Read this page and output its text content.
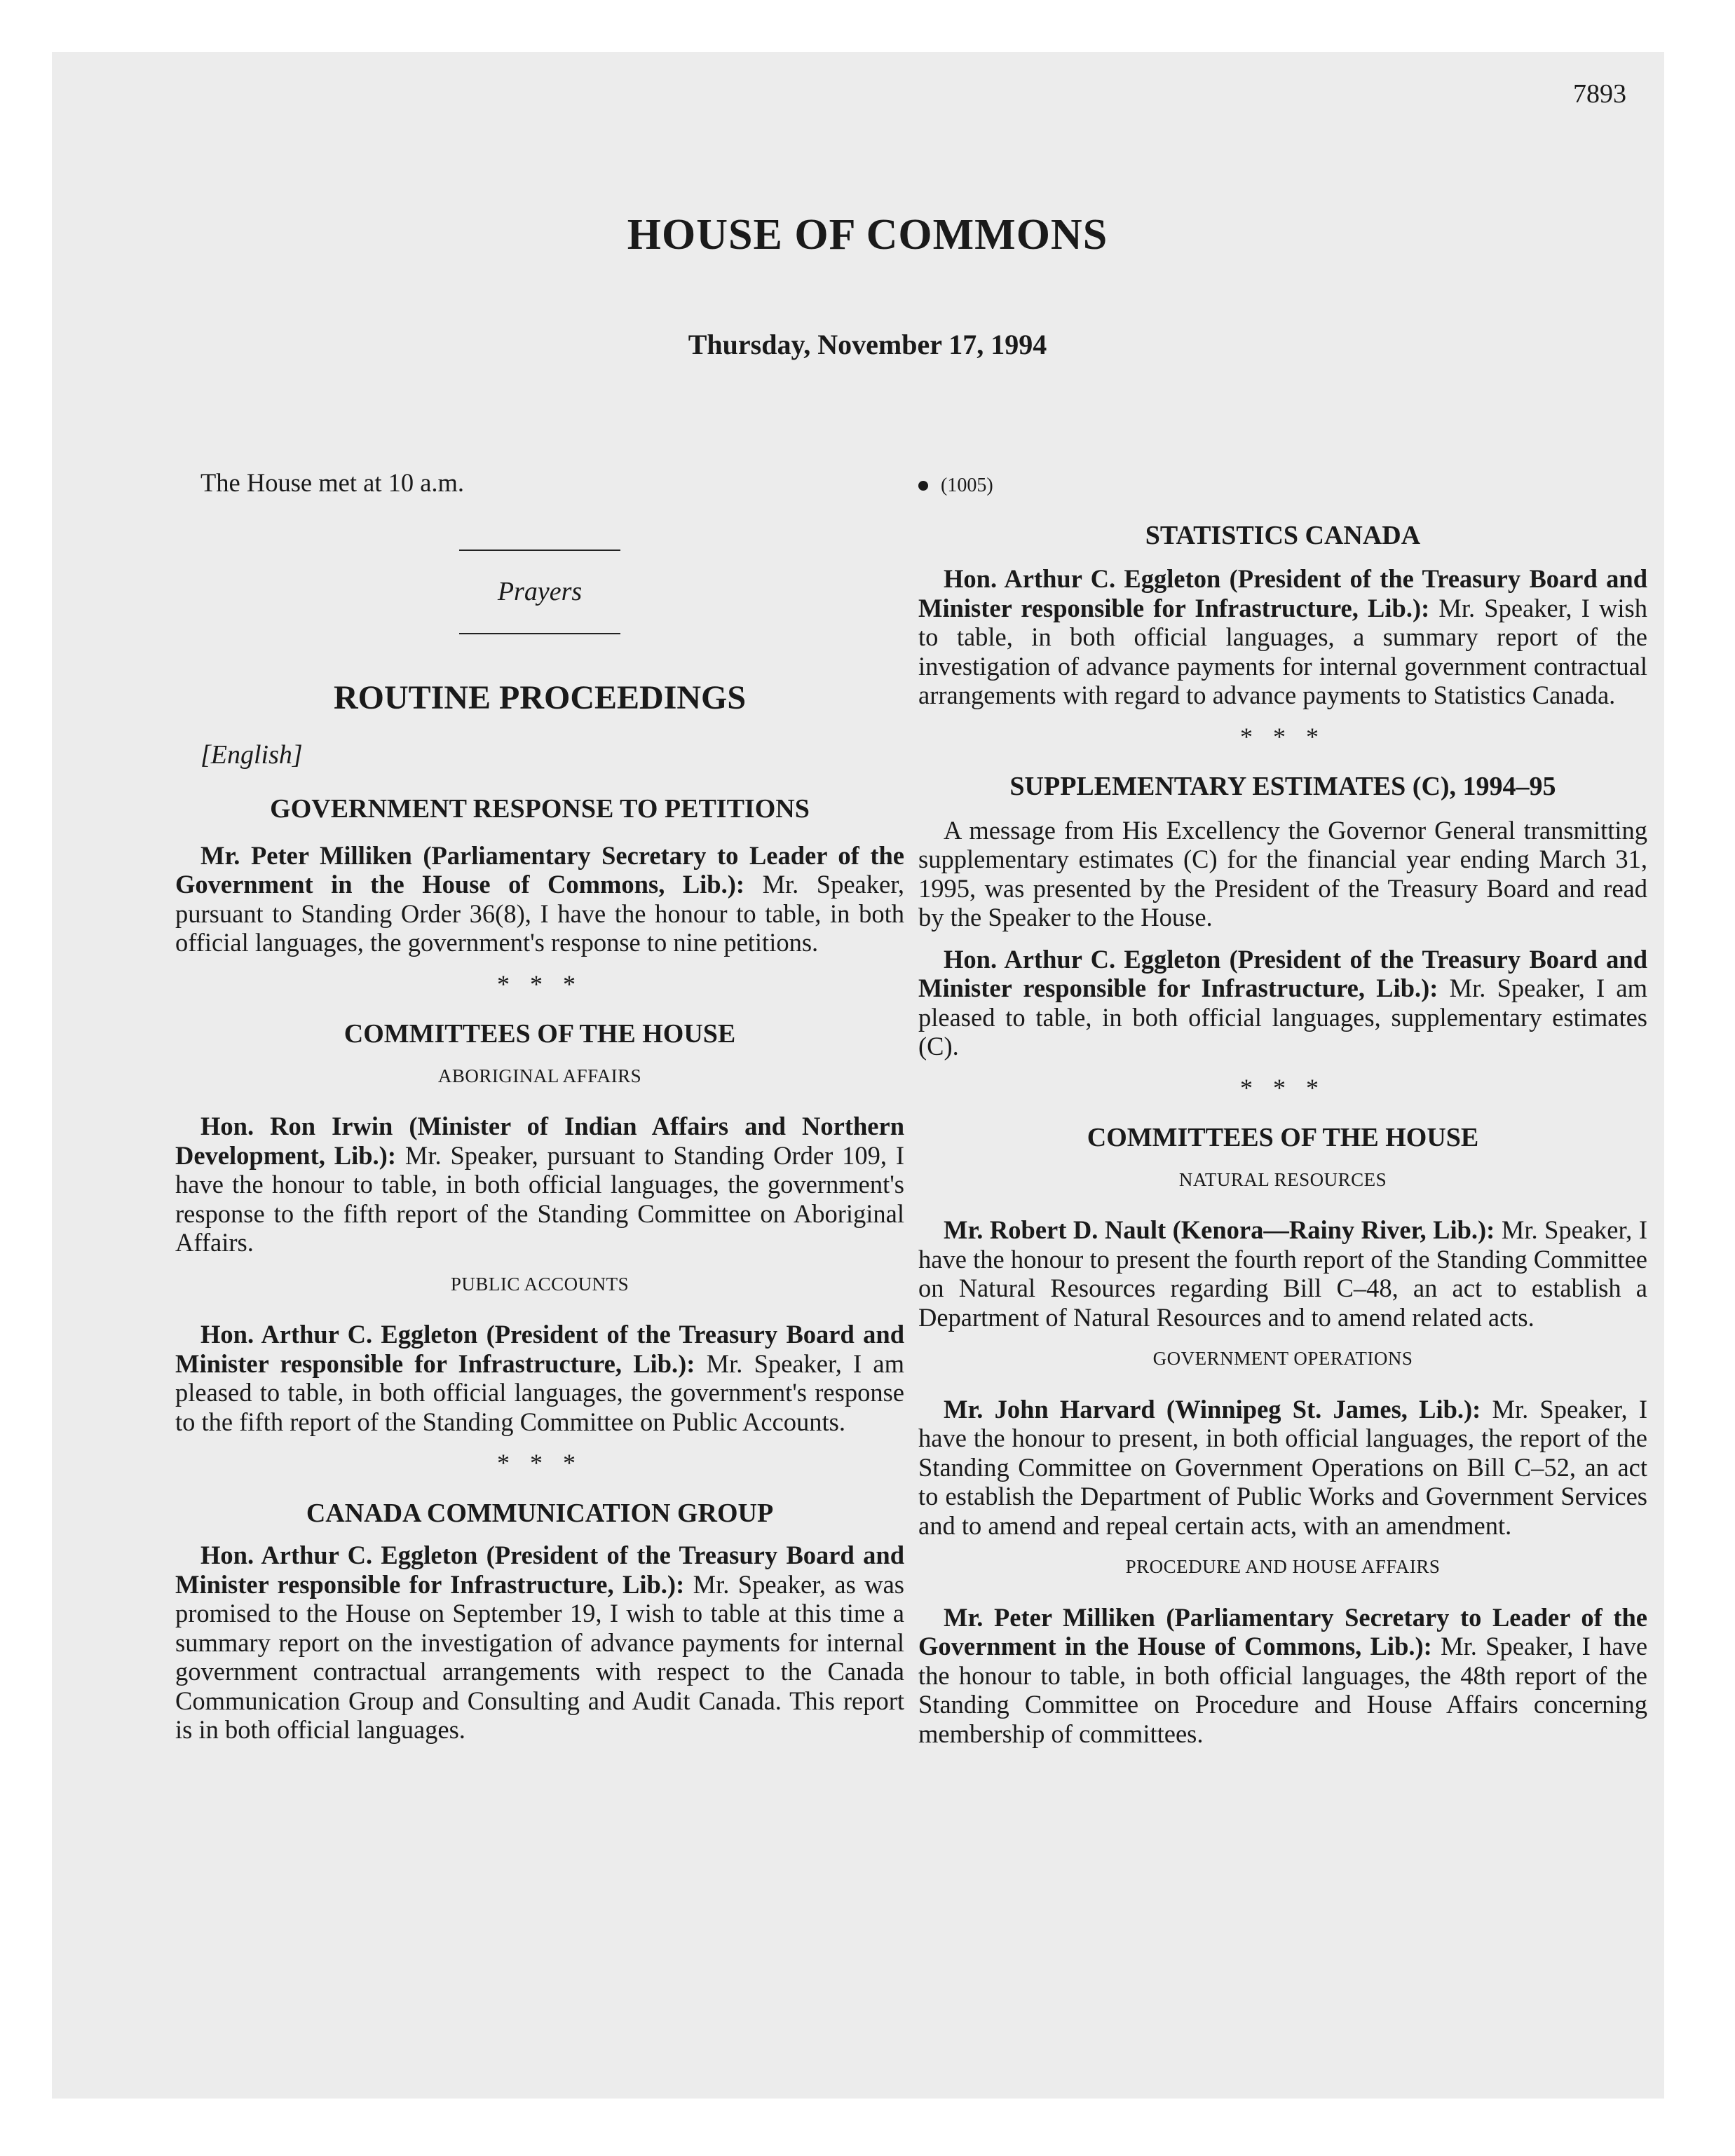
7893
HOUSE OF COMMONS
Thursday, November 17, 1994

The House met at 10 a.m.

Prayers

ROUTINE PROCEEDINGS

[English]

GOVERNMENT RESPONSE TO PETITIONS

Mr. Peter Milliken (Parliamentary Secretary to Leader of the Government in the House of Commons, Lib.): Mr. Speaker, pursuant to Standing Order 36(8), I have the honour to table, in both official languages, the government's response to nine petitions.

* * *

COMMITTEES OF THE HOUSE

ABORIGINAL AFFAIRS

Hon. Ron Irwin (Minister of Indian Affairs and Northern Development, Lib.): Mr. Speaker, pursuant to Standing Order 109, I have the honour to table, in both official languages, the government's response to the fifth report of the Standing Committee on Aboriginal Affairs.

PUBLIC ACCOUNTS

Hon. Arthur C. Eggleton (President of the Treasury Board and Minister responsible for Infrastructure, Lib.): Mr. Speaker, I am pleased to table, in both official languages, the government's response to the fifth report of the Standing Committee on Public Accounts.

* * *

CANADA COMMUNICATION GROUP

Hon. Arthur C. Eggleton (President of the Treasury Board and Minister responsible for Infrastructure, Lib.): Mr. Speaker, as was promised to the House on September 19, I wish to table at this time a summary report on the investigation of advance payments for internal government contractual arrangements with respect to the Canada Communication Group and Consulting and Audit Canada. This report is in both official languages.

(1005)

STATISTICS CANADA

Hon. Arthur C. Eggleton (President of the Treasury Board and Minister responsible for Infrastructure, Lib.): Mr. Speaker, I wish to table, in both official languages, a summary report of the investigation of advance payments for internal government contractual arrangements with regard to advance payments to Statistics Canada.

* * *

SUPPLEMENTARY ESTIMATES (C), 1994–95

A message from His Excellency the Governor General transmitting supplementary estimates (C) for the financial year ending March 31, 1995, was presented by the President of the Treasury Board and read by the Speaker to the House.

Hon. Arthur C. Eggleton (President of the Treasury Board and Minister responsible for Infrastructure, Lib.): Mr. Speaker, I am pleased to table, in both official languages, supplementary estimates (C).

* * *

COMMITTEES OF THE HOUSE

NATURAL RESOURCES

Mr. Robert D. Nault (Kenora—Rainy River, Lib.): Mr. Speaker, I have the honour to present the fourth report of the Standing Committee on Natural Resources regarding Bill C–48, an act to establish a Department of Natural Resources and to amend related acts.

GOVERNMENT OPERATIONS

Mr. John Harvard (Winnipeg St. James, Lib.): Mr. Speaker, I have the honour to present, in both official languages, the report of the Standing Committee on Government Operations on Bill C–52, an act to establish the Department of Public Works and Government Services and to amend and repeal certain acts, with an amendment.

PROCEDURE AND HOUSE AFFAIRS

Mr. Peter Milliken (Parliamentary Secretary to Leader of the Government in the House of Commons, Lib.): Mr. Speaker, I have the honour to table, in both official languages, the 48th report of the Standing Committee on Procedure and House Affairs concerning membership of committees.
